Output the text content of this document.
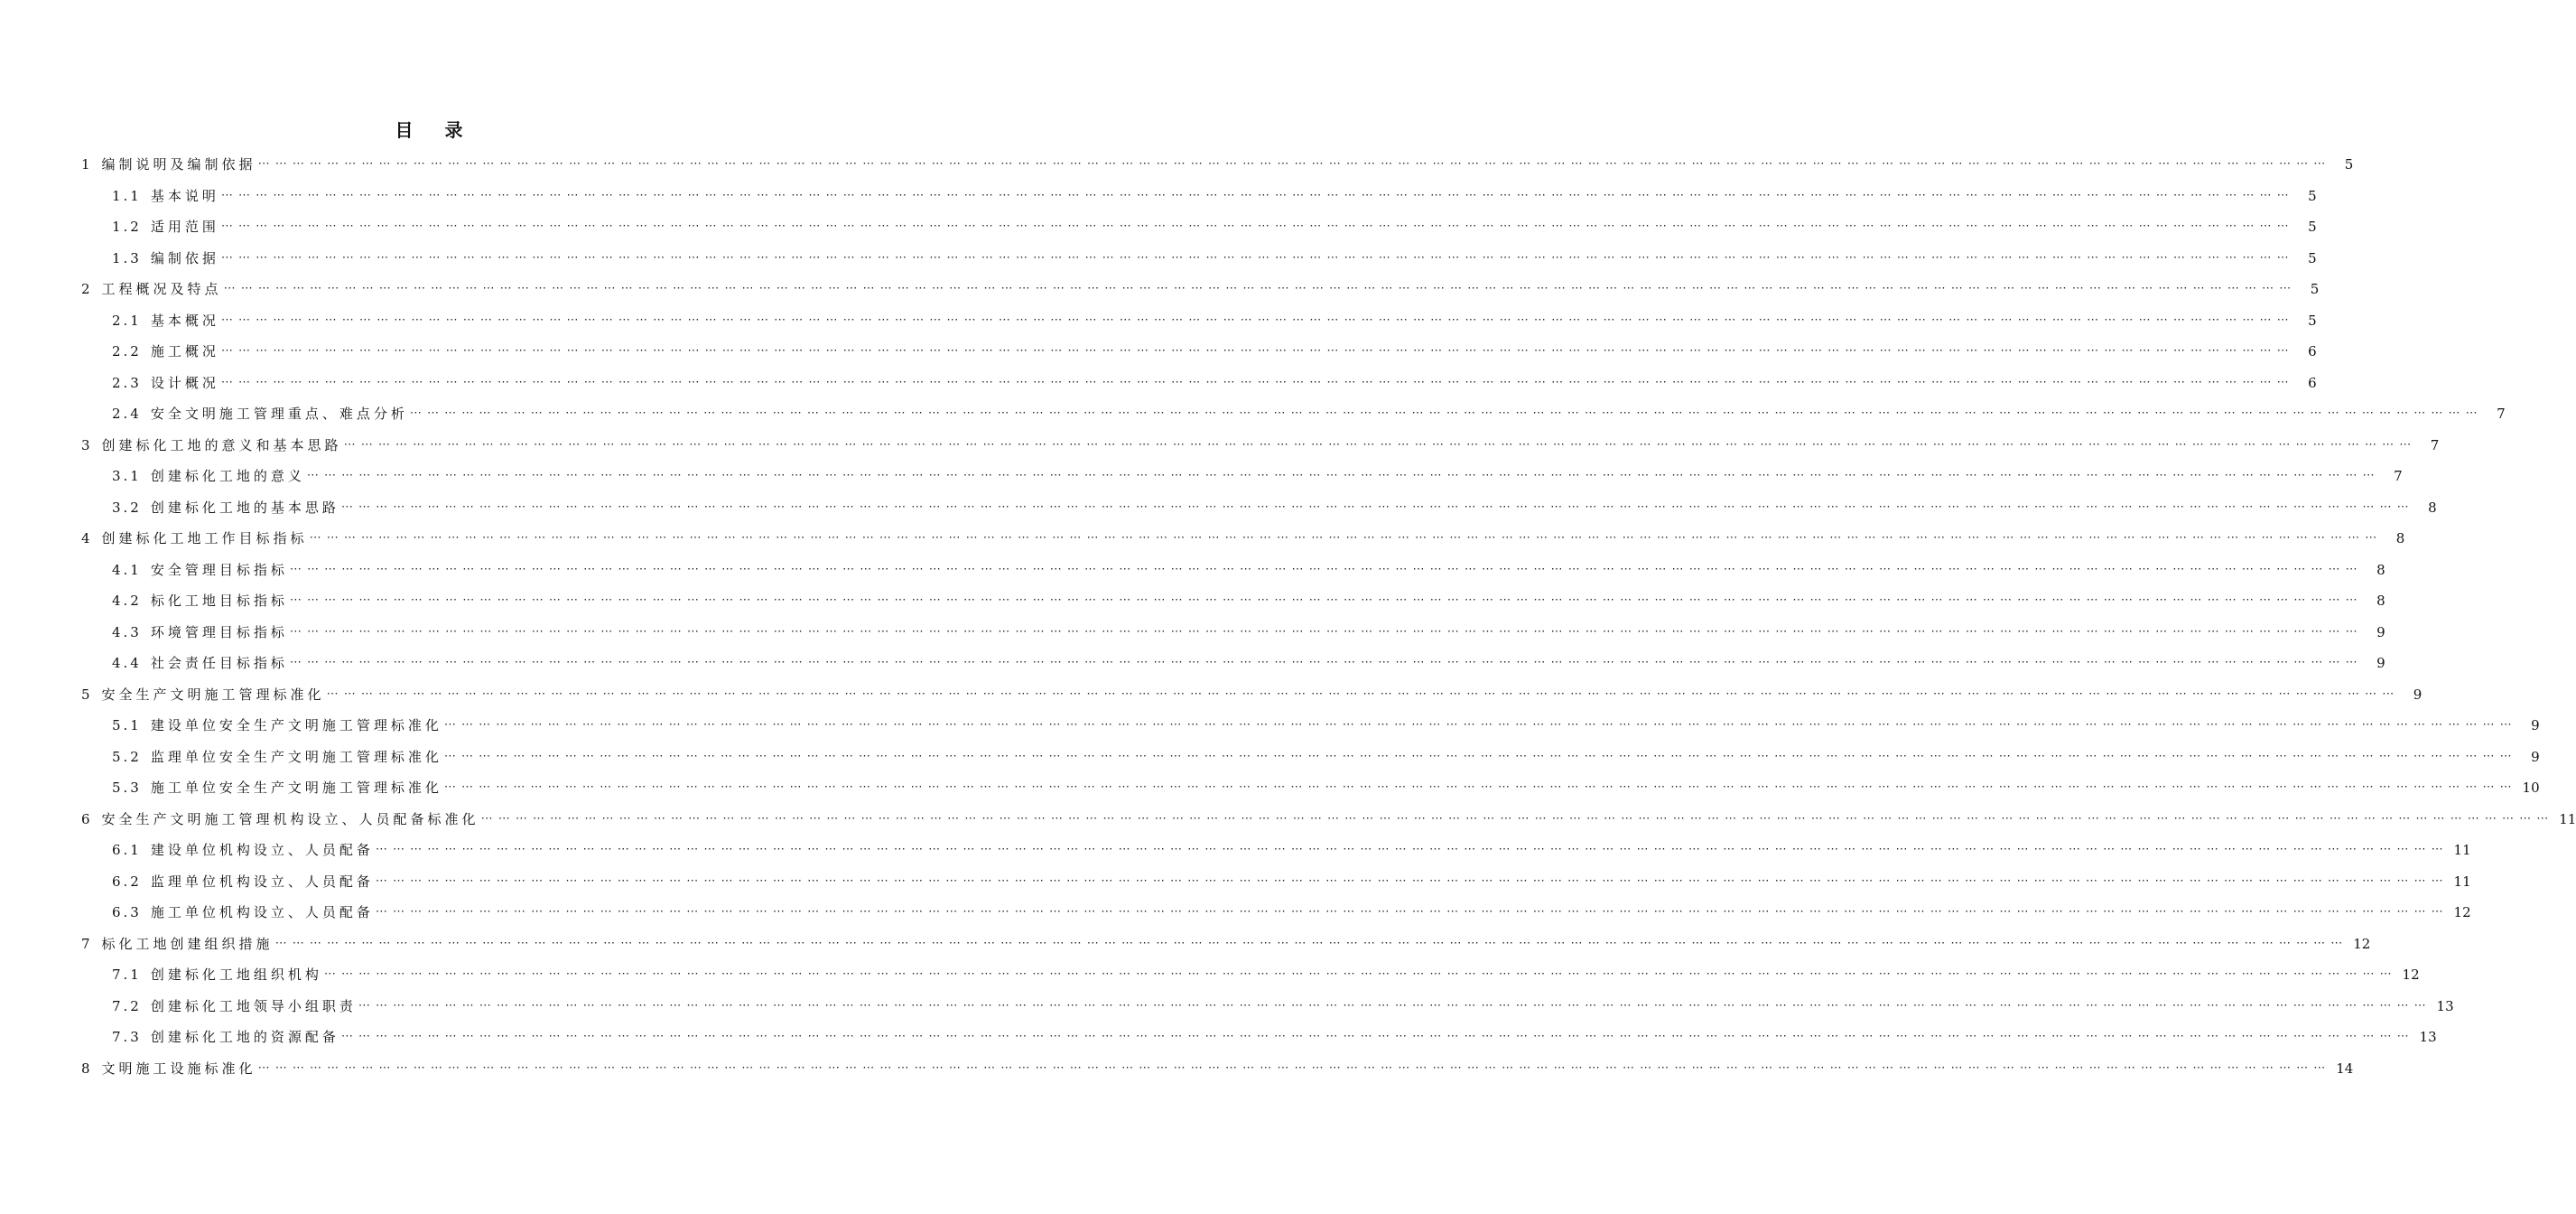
目 录
1 编制说明及编制依据 ⋯ ⋯ ⋯ ⋯ ⋯ ⋯ ⋯ ⋯ ⋯ ⋯ ⋯ ⋯ ⋯ ⋯ ⋯ ⋯ ⋯ ⋯ ⋯ ⋯ ⋯ ⋯ ⋯ ⋯ ⋯ ⋯ ⋯ ⋯ ⋯ ⋯ ⋯ ⋯ ⋯ ⋯ ⋯ ⋯ ⋯ ⋯ ⋯ ⋯ ⋯ ⋯ ⋯ ⋯ ⋯ ⋯ ⋯ ⋯ ⋯ ⋯ ⋯ ⋯ ⋯ ⋯ ⋯ ⋯ ⋯ ⋯ ⋯ ⋯ ⋯ ⋯ ⋯ ⋯ ⋯ ⋯ ⋯ ⋯ ⋯ ⋯ ⋯ ⋯ ⋯ ⋯ ⋯ ⋯ ⋯ ⋯ ⋯ ⋯ ⋯ ⋯ ⋯ ⋯ ⋯ ⋯ ⋯ ⋯ ⋯ ⋯ ⋯ ⋯ ⋯ ⋯ ⋯ ⋯ ⋯ ⋯ ⋯ ⋯ ⋯ ⋯ ⋯ ⋯ ⋯ ⋯ ⋯ ⋯ ⋯ ⋯ ⋯ ⋯ ⋯ ⋯ ⋯ ⋯ ⋯ ⋯ ⋯ ⋯	5
1.1 基本说明 ⋯ ⋯ ⋯ ⋯ ⋯ ⋯ ⋯ ⋯ ⋯ ⋯ ⋯ ⋯ ⋯ ⋯ ⋯ ⋯ ⋯ ⋯ ⋯ ⋯ ⋯ ⋯ ⋯ ⋯ ⋯ ⋯ ⋯ ⋯ ⋯ ⋯ ⋯ ⋯ ⋯ ⋯ ⋯ ⋯ ⋯ ⋯ ⋯ ⋯ ⋯ ⋯ ⋯ ⋯ ⋯ ⋯ ⋯ ⋯ ⋯ ⋯ ⋯ ⋯ ⋯ ⋯ ⋯ ⋯ ⋯ ⋯ ⋯ ⋯ ⋯ ⋯ ⋯ ⋯ ⋯ ⋯ ⋯ ⋯ ⋯ ⋯ ⋯ ⋯ ⋯ ⋯ ⋯ ⋯ ⋯ ⋯ ⋯ ⋯ ⋯ ⋯ ⋯ ⋯ ⋯ ⋯ ⋯ ⋯ ⋯ ⋯ ⋯ ⋯ ⋯ ⋯ ⋯ ⋯ ⋯ ⋯ ⋯ ⋯ ⋯ ⋯ ⋯ ⋯ ⋯ ⋯ ⋯ ⋯ ⋯ ⋯ ⋯ ⋯ ⋯ ⋯ ⋯ ⋯ ⋯ ⋯ ⋯ ⋯	5
1.2 适用范围 ⋯ ⋯ ⋯ ⋯ ⋯ ⋯ ⋯ ⋯ ⋯ ⋯ ⋯ ⋯ ⋯ ⋯ ⋯ ⋯ ⋯ ⋯ ⋯ ⋯ ⋯ ⋯ ⋯ ⋯ ⋯ ⋯ ⋯ ⋯ ⋯ ⋯ ⋯ ⋯ ⋯ ⋯ ⋯ ⋯ ⋯ ⋯ ⋯ ⋯ ⋯ ⋯ ⋯ ⋯ ⋯ ⋯ ⋯ ⋯ ⋯ ⋯ ⋯ ⋯ ⋯ ⋯ ⋯ ⋯ ⋯ ⋯ ⋯ ⋯ ⋯ ⋯ ⋯ ⋯ ⋯ ⋯ ⋯ ⋯ ⋯ ⋯ ⋯ ⋯ ⋯ ⋯ ⋯ ⋯ ⋯ ⋯ ⋯ ⋯ ⋯ ⋯ ⋯ ⋯ ⋯ ⋯ ⋯ ⋯ ⋯ ⋯ ⋯ ⋯ ⋯ ⋯ ⋯ ⋯ ⋯ ⋯ ⋯ ⋯ ⋯ ⋯ ⋯ ⋯ ⋯ ⋯ ⋯ ⋯ ⋯ ⋯ ⋯ ⋯ ⋯ ⋯ ⋯ ⋯ ⋯ ⋯ ⋯ ⋯	5
1.3 编制依据 ⋯ ⋯ ⋯ ⋯ ⋯ ⋯ ⋯ ⋯ ⋯ ⋯ ⋯ ⋯ ⋯ ⋯ ⋯ ⋯ ⋯ ⋯ ⋯ ⋯ ⋯ ⋯ ⋯ ⋯ ⋯ ⋯ ⋯ ⋯ ⋯ ⋯ ⋯ ⋯ ⋯ ⋯ ⋯ ⋯ ⋯ ⋯ ⋯ ⋯ ⋯ ⋯ ⋯ ⋯ ⋯ ⋯ ⋯ ⋯ ⋯ ⋯ ⋯ ⋯ ⋯ ⋯ ⋯ ⋯ ⋯ ⋯ ⋯ ⋯ ⋯ ⋯ ⋯ ⋯ ⋯ ⋯ ⋯ ⋯ ⋯ ⋯ ⋯ ⋯ ⋯ ⋯ ⋯ ⋯ ⋯ ⋯ ⋯ ⋯ ⋯ ⋯ ⋯ ⋯ ⋯ ⋯ ⋯ ⋯ ⋯ ⋯ ⋯ ⋯ ⋯ ⋯ ⋯ ⋯ ⋯ ⋯ ⋯ ⋯ ⋯ ⋯ ⋯ ⋯ ⋯ ⋯ ⋯ ⋯ ⋯ ⋯ ⋯ ⋯ ⋯ ⋯ ⋯ ⋯ ⋯ ⋯ ⋯ ⋯	5
2 工程概况及特点 ⋯ ⋯ ⋯ ⋯ ⋯ ⋯ ⋯ ⋯ ⋯ ⋯ ⋯ ⋯ ⋯ ⋯ ⋯ ⋯ ⋯ ⋯ ⋯ ⋯ ⋯ ⋯ ⋯ ⋯ ⋯ ⋯ ⋯ ⋯ ⋯ ⋯ ⋯ ⋯ ⋯ ⋯ ⋯ ⋯ ⋯ ⋯ ⋯ ⋯ ⋯ ⋯ ⋯ ⋯ ⋯ ⋯ ⋯ ⋯ ⋯ ⋯ ⋯ ⋯ ⋯ ⋯ ⋯ ⋯ ⋯ ⋯ ⋯ ⋯ ⋯ ⋯ ⋯ ⋯ ⋯ ⋯ ⋯ ⋯ ⋯ ⋯ ⋯ ⋯ ⋯ ⋯ ⋯ ⋯ ⋯ ⋯ ⋯ ⋯ ⋯ ⋯ ⋯ ⋯ ⋯ ⋯ ⋯ ⋯ ⋯ ⋯ ⋯ ⋯ ⋯ ⋯ ⋯ ⋯ ⋯ ⋯ ⋯ ⋯ ⋯ ⋯ ⋯ ⋯ ⋯ ⋯ ⋯ ⋯ ⋯ ⋯ ⋯ ⋯ ⋯ ⋯ ⋯ ⋯ ⋯ ⋯ ⋯ ⋯	5
2.1 基本概况 ⋯ ⋯ ⋯ ⋯ ⋯ ⋯ ⋯ ⋯ ⋯ ⋯ ⋯ ⋯ ⋯ ⋯ ⋯ ⋯ ⋯ ⋯ ⋯ ⋯ ⋯ ⋯ ⋯ ⋯ ⋯ ⋯ ⋯ ⋯ ⋯ ⋯ ⋯ ⋯ ⋯ ⋯ ⋯ ⋯ ⋯ ⋯ ⋯ ⋯ ⋯ ⋯ ⋯ ⋯ ⋯ ⋯ ⋯ ⋯ ⋯ ⋯ ⋯ ⋯ ⋯ ⋯ ⋯ ⋯ ⋯ ⋯ ⋯ ⋯ ⋯ ⋯ ⋯ ⋯ ⋯ ⋯ ⋯ ⋯ ⋯ ⋯ ⋯ ⋯ ⋯ ⋯ ⋯ ⋯ ⋯ ⋯ ⋯ ⋯ ⋯ ⋯ ⋯ ⋯ ⋯ ⋯ ⋯ ⋯ ⋯ ⋯ ⋯ ⋯ ⋯ ⋯ ⋯ ⋯ ⋯ ⋯ ⋯ ⋯ ⋯ ⋯ ⋯ ⋯ ⋯ ⋯ ⋯ ⋯ ⋯ ⋯ ⋯ ⋯ ⋯ ⋯ ⋯ ⋯ ⋯ ⋯ ⋯ ⋯	5
2.2 施工概况 ⋯ ⋯ ⋯ ⋯ ⋯ ⋯ ⋯ ⋯ ⋯ ⋯ ⋯ ⋯ ⋯ ⋯ ⋯ ⋯ ⋯ ⋯ ⋯ ⋯ ⋯ ⋯ ⋯ ⋯ ⋯ ⋯ ⋯ ⋯ ⋯ ⋯ ⋯ ⋯ ⋯ ⋯ ⋯ ⋯ ⋯ ⋯ ⋯ ⋯ ⋯ ⋯ ⋯ ⋯ ⋯ ⋯ ⋯ ⋯ ⋯ ⋯ ⋯ ⋯ ⋯ ⋯ ⋯ ⋯ ⋯ ⋯ ⋯ ⋯ ⋯ ⋯ ⋯ ⋯ ⋯ ⋯ ⋯ ⋯ ⋯ ⋯ ⋯ ⋯ ⋯ ⋯ ⋯ ⋯ ⋯ ⋯ ⋯ ⋯ ⋯ ⋯ ⋯ ⋯ ⋯ ⋯ ⋯ ⋯ ⋯ ⋯ ⋯ ⋯ ⋯ ⋯ ⋯ ⋯ ⋯ ⋯ ⋯ ⋯ ⋯ ⋯ ⋯ ⋯ ⋯ ⋯ ⋯ ⋯ ⋯ ⋯ ⋯ ⋯ ⋯ ⋯ ⋯ ⋯ ⋯ ⋯ ⋯ ⋯	6
2.3 设计概况 ⋯ ⋯ ⋯ ⋯ ⋯ ⋯ ⋯ ⋯ ⋯ ⋯ ⋯ ⋯ ⋯ ⋯ ⋯ ⋯ ⋯ ⋯ ⋯ ⋯ ⋯ ⋯ ⋯ ⋯ ⋯ ⋯ ⋯ ⋯ ⋯ ⋯ ⋯ ⋯ ⋯ ⋯ ⋯ ⋯ ⋯ ⋯ ⋯ ⋯ ⋯ ⋯ ⋯ ⋯ ⋯ ⋯ ⋯ ⋯ ⋯ ⋯ ⋯ ⋯ ⋯ ⋯ ⋯ ⋯ ⋯ ⋯ ⋯ ⋯ ⋯ ⋯ ⋯ ⋯ ⋯ ⋯ ⋯ ⋯ ⋯ ⋯ ⋯ ⋯ ⋯ ⋯ ⋯ ⋯ ⋯ ⋯ ⋯ ⋯ ⋯ ⋯ ⋯ ⋯ ⋯ ⋯ ⋯ ⋯ ⋯ ⋯ ⋯ ⋯ ⋯ ⋯ ⋯ ⋯ ⋯ ⋯ ⋯ ⋯ ⋯ ⋯ ⋯ ⋯ ⋯ ⋯ ⋯ ⋯ ⋯ ⋯ ⋯ ⋯ ⋯ ⋯ ⋯ ⋯ ⋯ ⋯ ⋯ ⋯	6
2.4 安全文明施工管理重点、难点分析 ⋯ ⋯ ⋯ ⋯ ⋯ ⋯ ⋯ ⋯ ⋯ ⋯ ⋯ ⋯ ⋯ ⋯ ⋯ ⋯ ⋯ ⋯ ⋯ ⋯ ⋯ ⋯ ⋯ ⋯ ⋯ ⋯ ⋯ ⋯ ⋯ ⋯ ⋯ ⋯ ⋯ ⋯ ⋯ ⋯ ⋯ ⋯ ⋯ ⋯ ⋯ ⋯ ⋯ ⋯ ⋯ ⋯ ⋯ ⋯ ⋯ ⋯ ⋯ ⋯ ⋯ ⋯ ⋯ ⋯ ⋯ ⋯ ⋯ ⋯ ⋯ ⋯ ⋯ ⋯ ⋯ ⋯ ⋯ ⋯ ⋯ ⋯ ⋯ ⋯ ⋯ ⋯ ⋯ ⋯ ⋯ ⋯ ⋯ ⋯ ⋯ ⋯ ⋯ ⋯ ⋯ ⋯ ⋯ ⋯ ⋯ ⋯ ⋯ ⋯ ⋯ ⋯ ⋯ ⋯ ⋯ ⋯ ⋯ ⋯ ⋯ ⋯ ⋯ ⋯ ⋯ ⋯ ⋯ ⋯ ⋯ ⋯ ⋯ ⋯ ⋯ ⋯ ⋯ ⋯ ⋯ ⋯ ⋯ ⋯	7
3 创建标化工地的意义和基本思路 ⋯ ⋯ ⋯ ⋯ ⋯ ⋯ ⋯ ⋯ ⋯ ⋯ ⋯ ⋯ ⋯ ⋯ ⋯ ⋯ ⋯ ⋯ ⋯ ⋯ ⋯ ⋯ ⋯ ⋯ ⋯ ⋯ ⋯ ⋯ ⋯ ⋯ ⋯ ⋯ ⋯ ⋯ ⋯ ⋯ ⋯ ⋯ ⋯ ⋯ ⋯ ⋯ ⋯ ⋯ ⋯ ⋯ ⋯ ⋯ ⋯ ⋯ ⋯ ⋯ ⋯ ⋯ ⋯ ⋯ ⋯ ⋯ ⋯ ⋯ ⋯ ⋯ ⋯ ⋯ ⋯ ⋯ ⋯ ⋯ ⋯ ⋯ ⋯ ⋯ ⋯ ⋯ ⋯ ⋯ ⋯ ⋯ ⋯ ⋯ ⋯ ⋯ ⋯ ⋯ ⋯ ⋯ ⋯ ⋯ ⋯ ⋯ ⋯ ⋯ ⋯ ⋯ ⋯ ⋯ ⋯ ⋯ ⋯ ⋯ ⋯ ⋯ ⋯ ⋯ ⋯ ⋯ ⋯ ⋯ ⋯ ⋯ ⋯ ⋯ ⋯ ⋯ ⋯ ⋯ ⋯ ⋯ ⋯ ⋯	7
3.1 创建标化工地的意义 ⋯ ⋯ ⋯ ⋯ ⋯ ⋯ ⋯ ⋯ ⋯ ⋯ ⋯ ⋯ ⋯ ⋯ ⋯ ⋯ ⋯ ⋯ ⋯ ⋯ ⋯ ⋯ ⋯ ⋯ ⋯ ⋯ ⋯ ⋯ ⋯ ⋯ ⋯ ⋯ ⋯ ⋯ ⋯ ⋯ ⋯ ⋯ ⋯ ⋯ ⋯ ⋯ ⋯ ⋯ ⋯ ⋯ ⋯ ⋯ ⋯ ⋯ ⋯ ⋯ ⋯ ⋯ ⋯ ⋯ ⋯ ⋯ ⋯ ⋯ ⋯ ⋯ ⋯ ⋯ ⋯ ⋯ ⋯ ⋯ ⋯ ⋯ ⋯ ⋯ ⋯ ⋯ ⋯ ⋯ ⋯ ⋯ ⋯ ⋯ ⋯ ⋯ ⋯ ⋯ ⋯ ⋯ ⋯ ⋯ ⋯ ⋯ ⋯ ⋯ ⋯ ⋯ ⋯ ⋯ ⋯ ⋯ ⋯ ⋯ ⋯ ⋯ ⋯ ⋯ ⋯ ⋯ ⋯ ⋯ ⋯ ⋯ ⋯ ⋯ ⋯ ⋯ ⋯ ⋯ ⋯ ⋯ ⋯ ⋯	7
3.2 创建标化工地的基本思路 ⋯ ⋯ ⋯ ⋯ ⋯ ⋯ ⋯ ⋯ ⋯ ⋯ ⋯ ⋯ ⋯ ⋯ ⋯ ⋯ ⋯ ⋯ ⋯ ⋯ ⋯ ⋯ ⋯ ⋯ ⋯ ⋯ ⋯ ⋯ ⋯ ⋯ ⋯ ⋯ ⋯ ⋯ ⋯ ⋯ ⋯ ⋯ ⋯ ⋯ ⋯ ⋯ ⋯ ⋯ ⋯ ⋯ ⋯ ⋯ ⋯ ⋯ ⋯ ⋯ ⋯ ⋯ ⋯ ⋯ ⋯ ⋯ ⋯ ⋯ ⋯ ⋯ ⋯ ⋯ ⋯ ⋯ ⋯ ⋯ ⋯ ⋯ ⋯ ⋯ ⋯ ⋯ ⋯ ⋯ ⋯ ⋯ ⋯ ⋯ ⋯ ⋯ ⋯ ⋯ ⋯ ⋯ ⋯ ⋯ ⋯ ⋯ ⋯ ⋯ ⋯ ⋯ ⋯ ⋯ ⋯ ⋯ ⋯ ⋯ ⋯ ⋯ ⋯ ⋯ ⋯ ⋯ ⋯ ⋯ ⋯ ⋯ ⋯ ⋯ ⋯ ⋯ ⋯ ⋯ ⋯ ⋯ ⋯ ⋯	8
4 创建标化工地工作目标指标 ⋯ ⋯ ⋯ ⋯ ⋯ ⋯ ⋯ ⋯ ⋯ ⋯ ⋯ ⋯ ⋯ ⋯ ⋯ ⋯ ⋯ ⋯ ⋯ ⋯ ⋯ ⋯ ⋯ ⋯ ⋯ ⋯ ⋯ ⋯ ⋯ ⋯ ⋯ ⋯ ⋯ ⋯ ⋯ ⋯ ⋯ ⋯ ⋯ ⋯ ⋯ ⋯ ⋯ ⋯ ⋯ ⋯ ⋯ ⋯ ⋯ ⋯ ⋯ ⋯ ⋯ ⋯ ⋯ ⋯ ⋯ ⋯ ⋯ ⋯ ⋯ ⋯ ⋯ ⋯ ⋯ ⋯ ⋯ ⋯ ⋯ ⋯ ⋯ ⋯ ⋯ ⋯ ⋯ ⋯ ⋯ ⋯ ⋯ ⋯ ⋯ ⋯ ⋯ ⋯ ⋯ ⋯ ⋯ ⋯ ⋯ ⋯ ⋯ ⋯ ⋯ ⋯ ⋯ ⋯ ⋯ ⋯ ⋯ ⋯ ⋯ ⋯ ⋯ ⋯ ⋯ ⋯ ⋯ ⋯ ⋯ ⋯ ⋯ ⋯ ⋯ ⋯ ⋯ ⋯ ⋯ ⋯ ⋯ ⋯	8
4.1 安全管理目标指标 ⋯ ⋯ ⋯ ⋯ ⋯ ⋯ ⋯ ⋯ ⋯ ⋯ ⋯ ⋯ ⋯ ⋯ ⋯ ⋯ ⋯ ⋯ ⋯ ⋯ ⋯ ⋯ ⋯ ⋯ ⋯ ⋯ ⋯ ⋯ ⋯ ⋯ ⋯ ⋯ ⋯ ⋯ ⋯ ⋯ ⋯ ⋯ ⋯ ⋯ ⋯ ⋯ ⋯ ⋯ ⋯ ⋯ ⋯ ⋯ ⋯ ⋯ ⋯ ⋯ ⋯ ⋯ ⋯ ⋯ ⋯ ⋯ ⋯ ⋯ ⋯ ⋯ ⋯ ⋯ ⋯ ⋯ ⋯ ⋯ ⋯ ⋯ ⋯ ⋯ ⋯ ⋯ ⋯ ⋯ ⋯ ⋯ ⋯ ⋯ ⋯ ⋯ ⋯ ⋯ ⋯ ⋯ ⋯ ⋯ ⋯ ⋯ ⋯ ⋯ ⋯ ⋯ ⋯ ⋯ ⋯ ⋯ ⋯ ⋯ ⋯ ⋯ ⋯ ⋯ ⋯ ⋯ ⋯ ⋯ ⋯ ⋯ ⋯ ⋯ ⋯ ⋯ ⋯ ⋯ ⋯ ⋯ ⋯ ⋯	8
4.2 标化工地目标指标 ⋯ ⋯ ⋯ ⋯ ⋯ ⋯ ⋯ ⋯ ⋯ ⋯ ⋯ ⋯ ⋯ ⋯ ⋯ ⋯ ⋯ ⋯ ⋯ ⋯ ⋯ ⋯ ⋯ ⋯ ⋯ ⋯ ⋯ ⋯ ⋯ ⋯ ⋯ ⋯ ⋯ ⋯ ⋯ ⋯ ⋯ ⋯ ⋯ ⋯ ⋯ ⋯ ⋯ ⋯ ⋯ ⋯ ⋯ ⋯ ⋯ ⋯ ⋯ ⋯ ⋯ ⋯ ⋯ ⋯ ⋯ ⋯ ⋯ ⋯ ⋯ ⋯ ⋯ ⋯ ⋯ ⋯ ⋯ ⋯ ⋯ ⋯ ⋯ ⋯ ⋯ ⋯ ⋯ ⋯ ⋯ ⋯ ⋯ ⋯ ⋯ ⋯ ⋯ ⋯ ⋯ ⋯ ⋯ ⋯ ⋯ ⋯ ⋯ ⋯ ⋯ ⋯ ⋯ ⋯ ⋯ ⋯ ⋯ ⋯ ⋯ ⋯ ⋯ ⋯ ⋯ ⋯ ⋯ ⋯ ⋯ ⋯ ⋯ ⋯ ⋯ ⋯ ⋯ ⋯ ⋯ ⋯ ⋯ ⋯	8
4.3 环境管理目标指标 ⋯ ⋯ ⋯ ⋯ ⋯ ⋯ ⋯ ⋯ ⋯ ⋯ ⋯ ⋯ ⋯ ⋯ ⋯ ⋯ ⋯ ⋯ ⋯ ⋯ ⋯ ⋯ ⋯ ⋯ ⋯ ⋯ ⋯ ⋯ ⋯ ⋯ ⋯ ⋯ ⋯ ⋯ ⋯ ⋯ ⋯ ⋯ ⋯ ⋯ ⋯ ⋯ ⋯ ⋯ ⋯ ⋯ ⋯ ⋯ ⋯ ⋯ ⋯ ⋯ ⋯ ⋯ ⋯ ⋯ ⋯ ⋯ ⋯ ⋯ ⋯ ⋯ ⋯ ⋯ ⋯ ⋯ ⋯ ⋯ ⋯ ⋯ ⋯ ⋯ ⋯ ⋯ ⋯ ⋯ ⋯ ⋯ ⋯ ⋯ ⋯ ⋯ ⋯ ⋯ ⋯ ⋯ ⋯ ⋯ ⋯ ⋯ ⋯ ⋯ ⋯ ⋯ ⋯ ⋯ ⋯ ⋯ ⋯ ⋯ ⋯ ⋯ ⋯ ⋯ ⋯ ⋯ ⋯ ⋯ ⋯ ⋯ ⋯ ⋯ ⋯ ⋯ ⋯ ⋯ ⋯ ⋯ ⋯ ⋯	9
4.4 社会责任目标指标 ⋯ ⋯ ⋯ ⋯ ⋯ ⋯ ⋯ ⋯ ⋯ ⋯ ⋯ ⋯ ⋯ ⋯ ⋯ ⋯ ⋯ ⋯ ⋯ ⋯ ⋯ ⋯ ⋯ ⋯ ⋯ ⋯ ⋯ ⋯ ⋯ ⋯ ⋯ ⋯ ⋯ ⋯ ⋯ ⋯ ⋯ ⋯ ⋯ ⋯ ⋯ ⋯ ⋯ ⋯ ⋯ ⋯ ⋯ ⋯ ⋯ ⋯ ⋯ ⋯ ⋯ ⋯ ⋯ ⋯ ⋯ ⋯ ⋯ ⋯ ⋯ ⋯ ⋯ ⋯ ⋯ ⋯ ⋯ ⋯ ⋯ ⋯ ⋯ ⋯ ⋯ ⋯ ⋯ ⋯ ⋯ ⋯ ⋯ ⋯ ⋯ ⋯ ⋯ ⋯ ⋯ ⋯ ⋯ ⋯ ⋯ ⋯ ⋯ ⋯ ⋯ ⋯ ⋯ ⋯ ⋯ ⋯ ⋯ ⋯ ⋯ ⋯ ⋯ ⋯ ⋯ ⋯ ⋯ ⋯ ⋯ ⋯ ⋯ ⋯ ⋯ ⋯ ⋯ ⋯ ⋯ ⋯ ⋯ ⋯	9
5 安全生产文明施工管理标准化 ⋯ ⋯ ⋯ ⋯ ⋯ ⋯ ⋯ ⋯ ⋯ ⋯ ⋯ ⋯ ⋯ ⋯ ⋯ ⋯ ⋯ ⋯ ⋯ ⋯ ⋯ ⋯ ⋯ ⋯ ⋯ ⋯ ⋯ ⋯ ⋯ ⋯ ⋯ ⋯ ⋯ ⋯ ⋯ ⋯ ⋯ ⋯ ⋯ ⋯ ⋯ ⋯ ⋯ ⋯ ⋯ ⋯ ⋯ ⋯ ⋯ ⋯ ⋯ ⋯ ⋯ ⋯ ⋯ ⋯ ⋯ ⋯ ⋯ ⋯ ⋯ ⋯ ⋯ ⋯ ⋯ ⋯ ⋯ ⋯ ⋯ ⋯ ⋯ ⋯ ⋯ ⋯ ⋯ ⋯ ⋯ ⋯ ⋯ ⋯ ⋯ ⋯ ⋯ ⋯ ⋯ ⋯ ⋯ ⋯ ⋯ ⋯ ⋯ ⋯ ⋯ ⋯ ⋯ ⋯ ⋯ ⋯ ⋯ ⋯ ⋯ ⋯ ⋯ ⋯ ⋯ ⋯ ⋯ ⋯ ⋯ ⋯ ⋯ ⋯ ⋯ ⋯ ⋯ ⋯ ⋯ ⋯ ⋯ ⋯	9
5.1 建设单位安全生产文明施工管理标准化 ⋯ ⋯ ⋯ ⋯ ⋯ ⋯ ⋯ ⋯ ⋯ ⋯ ⋯ ⋯ ⋯ ⋯ ⋯ ⋯ ⋯ ⋯ ⋯ ⋯ ⋯ ⋯ ⋯ ⋯ ⋯ ⋯ ⋯ ⋯ ⋯ ⋯ ⋯ ⋯ ⋯ ⋯ ⋯ ⋯ ⋯ ⋯ ⋯ ⋯ ⋯ ⋯ ⋯ ⋯ ⋯ ⋯ ⋯ ⋯ ⋯ ⋯ ⋯ ⋯ ⋯ ⋯ ⋯ ⋯ ⋯ ⋯ ⋯ ⋯ ⋯ ⋯ ⋯ ⋯ ⋯ ⋯ ⋯ ⋯ ⋯ ⋯ ⋯ ⋯ ⋯ ⋯ ⋯ ⋯ ⋯ ⋯ ⋯ ⋯ ⋯ ⋯ ⋯ ⋯ ⋯ ⋯ ⋯ ⋯ ⋯ ⋯ ⋯ ⋯ ⋯ ⋯ ⋯ ⋯ ⋯ ⋯ ⋯ ⋯ ⋯ ⋯ ⋯ ⋯ ⋯ ⋯ ⋯ ⋯ ⋯ ⋯ ⋯ ⋯ ⋯ ⋯ ⋯ ⋯ ⋯ ⋯ ⋯ ⋯	9
5.2 监理单位安全生产文明施工管理标准化 ⋯ ⋯ ⋯ ⋯ ⋯ ⋯ ⋯ ⋯ ⋯ ⋯ ⋯ ⋯ ⋯ ⋯ ⋯ ⋯ ⋯ ⋯ ⋯ ⋯ ⋯ ⋯ ⋯ ⋯ ⋯ ⋯ ⋯ ⋯ ⋯ ⋯ ⋯ ⋯ ⋯ ⋯ ⋯ ⋯ ⋯ ⋯ ⋯ ⋯ ⋯ ⋯ ⋯ ⋯ ⋯ ⋯ ⋯ ⋯ ⋯ ⋯ ⋯ ⋯ ⋯ ⋯ ⋯ ⋯ ⋯ ⋯ ⋯ ⋯ ⋯ ⋯ ⋯ ⋯ ⋯ ⋯ ⋯ ⋯ ⋯ ⋯ ⋯ ⋯ ⋯ ⋯ ⋯ ⋯ ⋯ ⋯ ⋯ ⋯ ⋯ ⋯ ⋯ ⋯ ⋯ ⋯ ⋯ ⋯ ⋯ ⋯ ⋯ ⋯ ⋯ ⋯ ⋯ ⋯ ⋯ ⋯ ⋯ ⋯ ⋯ ⋯ ⋯ ⋯ ⋯ ⋯ ⋯ ⋯ ⋯ ⋯ ⋯ ⋯ ⋯ ⋯ ⋯ ⋯ ⋯ ⋯ ⋯ ⋯	9
5.3 施工单位安全生产文明施工管理标准化 ⋯ ⋯ ⋯ ⋯ ⋯ ⋯ ⋯ ⋯ ⋯ ⋯ ⋯ ⋯ ⋯ ⋯ ⋯ ⋯ ⋯ ⋯ ⋯ ⋯ ⋯ ⋯ ⋯ ⋯ ⋯ ⋯ ⋯ ⋯ ⋯ ⋯ ⋯ ⋯ ⋯ ⋯ ⋯ ⋯ ⋯ ⋯ ⋯ ⋯ ⋯ ⋯ ⋯ ⋯ ⋯ ⋯ ⋯ ⋯ ⋯ ⋯ ⋯ ⋯ ⋯ ⋯ ⋯ ⋯ ⋯ ⋯ ⋯ ⋯ ⋯ ⋯ ⋯ ⋯ ⋯ ⋯ ⋯ ⋯ ⋯ ⋯ ⋯ ⋯ ⋯ ⋯ ⋯ ⋯ ⋯ ⋯ ⋯ ⋯ ⋯ ⋯ ⋯ ⋯ ⋯ ⋯ ⋯ ⋯ ⋯ ⋯ ⋯ ⋯ ⋯ ⋯ ⋯ ⋯ ⋯ ⋯ ⋯ ⋯ ⋯ ⋯ ⋯ ⋯ ⋯ ⋯ ⋯ ⋯ ⋯ ⋯ ⋯ ⋯ ⋯ ⋯ ⋯ ⋯ ⋯ ⋯ ⋯ ⋯ 10
6 安全生产文明施工管理机构设立、人员配备标准化 ⋯ ⋯ ⋯ ⋯ ⋯ ⋯ ⋯ ⋯ ⋯ ⋯ ⋯ ⋯ ⋯ ⋯ ⋯ ⋯ ⋯ ⋯ ⋯ ⋯ ⋯ ⋯ ⋯ ⋯ ⋯ ⋯ ⋯ ⋯ ⋯ ⋯ ⋯ ⋯ ⋯ ⋯ ⋯ ⋯ ⋯ ⋯ ⋯ ⋯ ⋯ ⋯ ⋯ ⋯ ⋯ ⋯ ⋯ ⋯ ⋯ ⋯ ⋯ ⋯ ⋯ ⋯ ⋯ ⋯ ⋯ ⋯ ⋯ ⋯ ⋯ ⋯ ⋯ ⋯ ⋯ ⋯ ⋯ ⋯ ⋯ ⋯ ⋯ ⋯ ⋯ ⋯ ⋯ ⋯ ⋯ ⋯ ⋯ ⋯ ⋯ ⋯ ⋯ ⋯ ⋯ ⋯ ⋯ ⋯ ⋯ ⋯ ⋯ ⋯ ⋯ ⋯ ⋯ ⋯ ⋯ ⋯ ⋯ ⋯ ⋯ ⋯ ⋯ ⋯ ⋯ ⋯ ⋯ ⋯ ⋯ ⋯ ⋯ ⋯ ⋯ ⋯ ⋯ ⋯ ⋯ ⋯ ⋯ ⋯ 11
6.1 建设单位机构设立、人员配备 ⋯ ⋯ ⋯ ⋯ ⋯ ⋯ ⋯ ⋯ ⋯ ⋯ ⋯ ⋯ ⋯ ⋯ ⋯ ⋯ ⋯ ⋯ ⋯ ⋯ ⋯ ⋯ ⋯ ⋯ ⋯ ⋯ ⋯ ⋯ ⋯ ⋯ ⋯ ⋯ ⋯ ⋯ ⋯ ⋯ ⋯ ⋯ ⋯ ⋯ ⋯ ⋯ ⋯ ⋯ ⋯ ⋯ ⋯ ⋯ ⋯ ⋯ ⋯ ⋯ ⋯ ⋯ ⋯ ⋯ ⋯ ⋯ ⋯ ⋯ ⋯ ⋯ ⋯ ⋯ ⋯ ⋯ ⋯ ⋯ ⋯ ⋯ ⋯ ⋯ ⋯ ⋯ ⋯ ⋯ ⋯ ⋯ ⋯ ⋯ ⋯ ⋯ ⋯ ⋯ ⋯ ⋯ ⋯ ⋯ ⋯ ⋯ ⋯ ⋯ ⋯ ⋯ ⋯ ⋯ ⋯ ⋯ ⋯ ⋯ ⋯ ⋯ ⋯ ⋯ ⋯ ⋯ ⋯ ⋯ ⋯ ⋯ ⋯ ⋯ ⋯ ⋯ ⋯ ⋯ ⋯ ⋯ ⋯ ⋯ 11
6.2 监理单位机构设立、人员配备 ⋯ ⋯ ⋯ ⋯ ⋯ ⋯ ⋯ ⋯ ⋯ ⋯ ⋯ ⋯ ⋯ ⋯ ⋯ ⋯ ⋯ ⋯ ⋯ ⋯ ⋯ ⋯ ⋯ ⋯ ⋯ ⋯ ⋯ ⋯ ⋯ ⋯ ⋯ ⋯ ⋯ ⋯ ⋯ ⋯ ⋯ ⋯ ⋯ ⋯ ⋯ ⋯ ⋯ ⋯ ⋯ ⋯ ⋯ ⋯ ⋯ ⋯ ⋯ ⋯ ⋯ ⋯ ⋯ ⋯ ⋯ ⋯ ⋯ ⋯ ⋯ ⋯ ⋯ ⋯ ⋯ ⋯ ⋯ ⋯ ⋯ ⋯ ⋯ ⋯ ⋯ ⋯ ⋯ ⋯ ⋯ ⋯ ⋯ ⋯ ⋯ ⋯ ⋯ ⋯ ⋯ ⋯ ⋯ ⋯ ⋯ ⋯ ⋯ ⋯ ⋯ ⋯ ⋯ ⋯ ⋯ ⋯ ⋯ ⋯ ⋯ ⋯ ⋯ ⋯ ⋯ ⋯ ⋯ ⋯ ⋯ ⋯ ⋯ ⋯ ⋯ ⋯ ⋯ ⋯ ⋯ ⋯ ⋯ ⋯ 11
6.3 施工单位机构设立、人员配备 ⋯ ⋯ ⋯ ⋯ ⋯ ⋯ ⋯ ⋯ ⋯ ⋯ ⋯ ⋯ ⋯ ⋯ ⋯ ⋯ ⋯ ⋯ ⋯ ⋯ ⋯ ⋯ ⋯ ⋯ ⋯ ⋯ ⋯ ⋯ ⋯ ⋯ ⋯ ⋯ ⋯ ⋯ ⋯ ⋯ ⋯ ⋯ ⋯ ⋯ ⋯ ⋯ ⋯ ⋯ ⋯ ⋯ ⋯ ⋯ ⋯ ⋯ ⋯ ⋯ ⋯ ⋯ ⋯ ⋯ ⋯ ⋯ ⋯ ⋯ ⋯ ⋯ ⋯ ⋯ ⋯ ⋯ ⋯ ⋯ ⋯ ⋯ ⋯ ⋯ ⋯ ⋯ ⋯ ⋯ ⋯ ⋯ ⋯ ⋯ ⋯ ⋯ ⋯ ⋯ ⋯ ⋯ ⋯ ⋯ ⋯ ⋯ ⋯ ⋯ ⋯ ⋯ ⋯ ⋯ ⋯ ⋯ ⋯ ⋯ ⋯ ⋯ ⋯ ⋯ ⋯ ⋯ ⋯ ⋯ ⋯ ⋯ ⋯ ⋯ ⋯ ⋯ ⋯ ⋯ ⋯ ⋯ ⋯ ⋯ 12
7 标化工地创建组织措施 ⋯ ⋯ ⋯ ⋯ ⋯ ⋯ ⋯ ⋯ ⋯ ⋯ ⋯ ⋯ ⋯ ⋯ ⋯ ⋯ ⋯ ⋯ ⋯ ⋯ ⋯ ⋯ ⋯ ⋯ ⋯ ⋯ ⋯ ⋯ ⋯ ⋯ ⋯ ⋯ ⋯ ⋯ ⋯ ⋯ ⋯ ⋯ ⋯ ⋯ ⋯ ⋯ ⋯ ⋯ ⋯ ⋯ ⋯ ⋯ ⋯ ⋯ ⋯ ⋯ ⋯ ⋯ ⋯ ⋯ ⋯ ⋯ ⋯ ⋯ ⋯ ⋯ ⋯ ⋯ ⋯ ⋯ ⋯ ⋯ ⋯ ⋯ ⋯ ⋯ ⋯ ⋯ ⋯ ⋯ ⋯ ⋯ ⋯ ⋯ ⋯ ⋯ ⋯ ⋯ ⋯ ⋯ ⋯ ⋯ ⋯ ⋯ ⋯ ⋯ ⋯ ⋯ ⋯ ⋯ ⋯ ⋯ ⋯ ⋯ ⋯ ⋯ ⋯ ⋯ ⋯ ⋯ ⋯ ⋯ ⋯ ⋯ ⋯ ⋯ ⋯ ⋯ ⋯ ⋯ ⋯ ⋯ ⋯ ⋯ 12
7.1 创建标化工地组织机构 ⋯ ⋯ ⋯ ⋯ ⋯ ⋯ ⋯ ⋯ ⋯ ⋯ ⋯ ⋯ ⋯ ⋯ ⋯ ⋯ ⋯ ⋯ ⋯ ⋯ ⋯ ⋯ ⋯ ⋯ ⋯ ⋯ ⋯ ⋯ ⋯ ⋯ ⋯ ⋯ ⋯ ⋯ ⋯ ⋯ ⋯ ⋯ ⋯ ⋯ ⋯ ⋯ ⋯ ⋯ ⋯ ⋯ ⋯ ⋯ ⋯ ⋯ ⋯ ⋯ ⋯ ⋯ ⋯ ⋯ ⋯ ⋯ ⋯ ⋯ ⋯ ⋯ ⋯ ⋯ ⋯ ⋯ ⋯ ⋯ ⋯ ⋯ ⋯ ⋯ ⋯ ⋯ ⋯ ⋯ ⋯ ⋯ ⋯ ⋯ ⋯ ⋯ ⋯ ⋯ ⋯ ⋯ ⋯ ⋯ ⋯ ⋯ ⋯ ⋯ ⋯ ⋯ ⋯ ⋯ ⋯ ⋯ ⋯ ⋯ ⋯ ⋯ ⋯ ⋯ ⋯ ⋯ ⋯ ⋯ ⋯ ⋯ ⋯ ⋯ ⋯ ⋯ ⋯ ⋯ ⋯ ⋯ ⋯ ⋯ 12
7.2 创建标化工地领导小组职责 ⋯ ⋯ ⋯ ⋯ ⋯ ⋯ ⋯ ⋯ ⋯ ⋯ ⋯ ⋯ ⋯ ⋯ ⋯ ⋯ ⋯ ⋯ ⋯ ⋯ ⋯ ⋯ ⋯ ⋯ ⋯ ⋯ ⋯ ⋯ ⋯ ⋯ ⋯ ⋯ ⋯ ⋯ ⋯ ⋯ ⋯ ⋯ ⋯ ⋯ ⋯ ⋯ ⋯ ⋯ ⋯ ⋯ ⋯ ⋯ ⋯ ⋯ ⋯ ⋯ ⋯ ⋯ ⋯ ⋯ ⋯ ⋯ ⋯ ⋯ ⋯ ⋯ ⋯ ⋯ ⋯ ⋯ ⋯ ⋯ ⋯ ⋯ ⋯ ⋯ ⋯ ⋯ ⋯ ⋯ ⋯ ⋯ ⋯ ⋯ ⋯ ⋯ ⋯ ⋯ ⋯ ⋯ ⋯ ⋯ ⋯ ⋯ ⋯ ⋯ ⋯ ⋯ ⋯ ⋯ ⋯ ⋯ ⋯ ⋯ ⋯ ⋯ ⋯ ⋯ ⋯ ⋯ ⋯ ⋯ ⋯ ⋯ ⋯ ⋯ ⋯ ⋯ ⋯ ⋯ ⋯ ⋯ ⋯ ⋯ 13
7.3 创建标化工地的资源配备 ⋯ ⋯ ⋯ ⋯ ⋯ ⋯ ⋯ ⋯ ⋯ ⋯ ⋯ ⋯ ⋯ ⋯ ⋯ ⋯ ⋯ ⋯ ⋯ ⋯ ⋯ ⋯ ⋯ ⋯ ⋯ ⋯ ⋯ ⋯ ⋯ ⋯ ⋯ ⋯ ⋯ ⋯ ⋯ ⋯ ⋯ ⋯ ⋯ ⋯ ⋯ ⋯ ⋯ ⋯ ⋯ ⋯ ⋯ ⋯ ⋯ ⋯ ⋯ ⋯ ⋯ ⋯ ⋯ ⋯ ⋯ ⋯ ⋯ ⋯ ⋯ ⋯ ⋯ ⋯ ⋯ ⋯ ⋯ ⋯ ⋯ ⋯ ⋯ ⋯ ⋯ ⋯ ⋯ ⋯ ⋯ ⋯ ⋯ ⋯ ⋯ ⋯ ⋯ ⋯ ⋯ ⋯ ⋯ ⋯ ⋯ ⋯ ⋯ ⋯ ⋯ ⋯ ⋯ ⋯ ⋯ ⋯ ⋯ ⋯ ⋯ ⋯ ⋯ ⋯ ⋯ ⋯ ⋯ ⋯ ⋯ ⋯ ⋯ ⋯ ⋯ ⋯ ⋯ ⋯ ⋯ ⋯ ⋯ ⋯ 13
8 文明施工设施标准化 ⋯ ⋯ ⋯ ⋯ ⋯ ⋯ ⋯ ⋯ ⋯ ⋯ ⋯ ⋯ ⋯ ⋯ ⋯ ⋯ ⋯ ⋯ ⋯ ⋯ ⋯ ⋯ ⋯ ⋯ ⋯ ⋯ ⋯ ⋯ ⋯ ⋯ ⋯ ⋯ ⋯ ⋯ ⋯ ⋯ ⋯ ⋯ ⋯ ⋯ ⋯ ⋯ ⋯ ⋯ ⋯ ⋯ ⋯ ⋯ ⋯ ⋯ ⋯ ⋯ ⋯ ⋯ ⋯ ⋯ ⋯ ⋯ ⋯ ⋯ ⋯ ⋯ ⋯ ⋯ ⋯ ⋯ ⋯ ⋯ ⋯ ⋯ ⋯ ⋯ ⋯ ⋯ ⋯ ⋯ ⋯ ⋯ ⋯ ⋯ ⋯ ⋯ ⋯ ⋯ ⋯ ⋯ ⋯ ⋯ ⋯ ⋯ ⋯ ⋯ ⋯ ⋯ ⋯ ⋯ ⋯ ⋯ ⋯ ⋯ ⋯ ⋯ ⋯ ⋯ ⋯ ⋯ ⋯ ⋯ ⋯ ⋯ ⋯ ⋯ ⋯ ⋯ ⋯ ⋯ ⋯ ⋯ ⋯ ⋯ 14
